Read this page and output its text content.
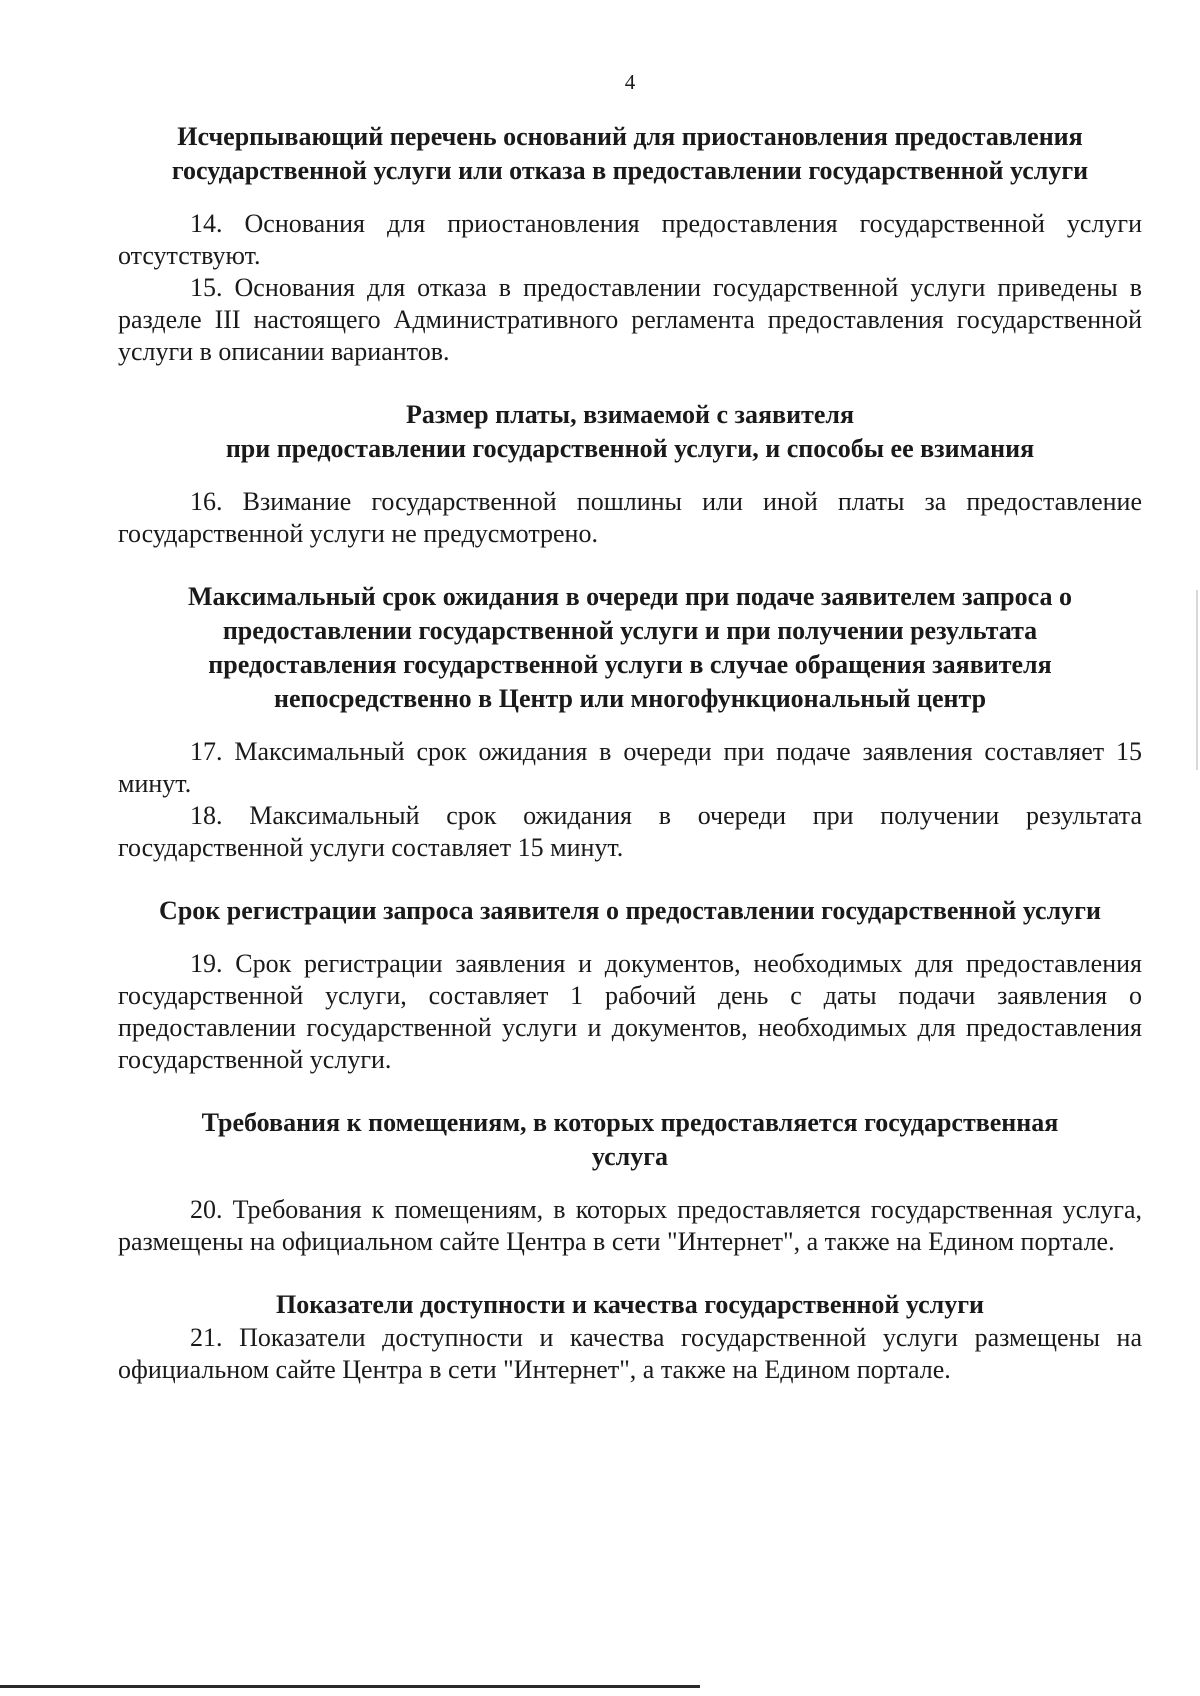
4
Исчерпывающий перечень оснований для приостановления предоставления
государственной услуги или отказа в предоставлении государственной услуги

14. Основания для приостановления предоставления государственной услуги отсутствуют.

15. Основания для отказа в предоставлении государственной услуги приведены в разделе III настоящего Административного регламента предоставления государственной услуги в описании вариантов.

Размер платы, взимаемой с заявителя
при предоставлении государственной услуги, и способы ее взимания

16. Взимание государственной пошлины или иной платы за предоставление государственной услуги не предусмотрено.

Максимальный срок ожидания в очереди при подаче заявителем запроса о
предоставлении государственной услуги и при получении результата
предоставления государственной услуги в случае обращения заявителя
непосредственно в Центр или многофункциональный центр

17. Максимальный срок ожидания в очереди при подаче заявления составляет 15 минут.

18. Максимальный срок ожидания в очереди при получении результата государственной услуги составляет 15 минут.

Срок регистрации запроса заявителя о предоставлении государственной услуги

19. Срок регистрации заявления и документов, необходимых для предоставления государственной услуги, составляет 1 рабочий день с даты подачи заявления о предоставлении государственной услуги и документов, необходимых для предоставления государственной услуги.

Требования к помещениям, в которых предоставляется государственная
услуга

20. Требования к помещениям, в которых предоставляется государственная услуга, размещены на официальном сайте Центра в сети "Интернет", а также на Едином портале.

Показатели доступности и качества государственной услуги

21. Показатели доступности и качества государственной услуги размещены на официальном сайте Центра в сети "Интернет", а также на Едином портале.
